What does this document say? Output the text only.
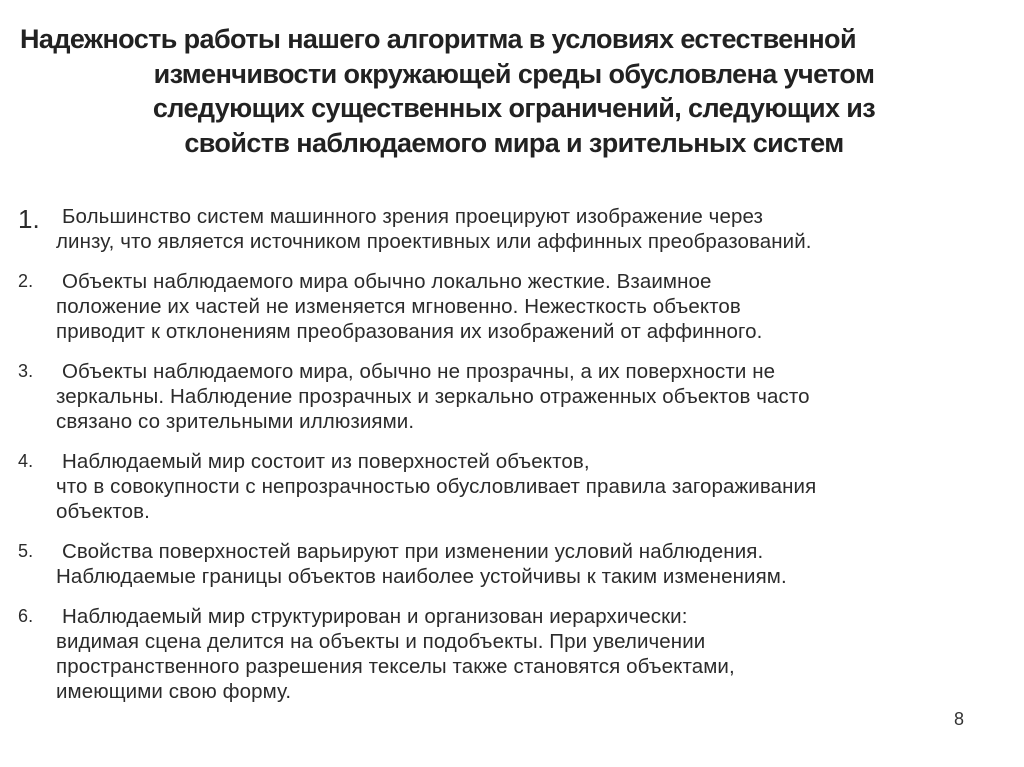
Надежность работы нашего алгоритма в условиях естественной
изменчивости окружающей среды обусловлена учетом
следующих существенных ограничений, следующих из
свойств наблюдаемого мира и зрительных систем
1. Большинство систем машинного зрения проецируют изображение через
линзу, что является источником проективных или аффинных преобразований.
2. Объекты наблюдаемого мира обычно локально жесткие. Взаимное
положение их частей не изменяется мгновенно. Нежесткость объектов
приводит к отклонениям преобразования их изображений от аффинного.
3. Объекты наблюдаемого мира, обычно не прозрачны, а их поверхности не
зеркальны. Наблюдение прозрачных и зеркально отраженных объектов часто
связано со зрительными иллюзиями.
4. Наблюдаемый мир состоит из поверхностей объектов,
что в совокупности с непрозрачностью обусловливает правила загораживания
объектов.
5. Свойства поверхностей варьируют при изменении условий наблюдения.
Наблюдаемые границы объектов наиболее устойчивы к таким изменениям.
6. Наблюдаемый мир структурирован и организован иерархически:
видимая сцена делится на объекты и подобъекты. При увеличении
пространственного разрешения текселы также становятся объектами,
имеющими свою форму.
8
